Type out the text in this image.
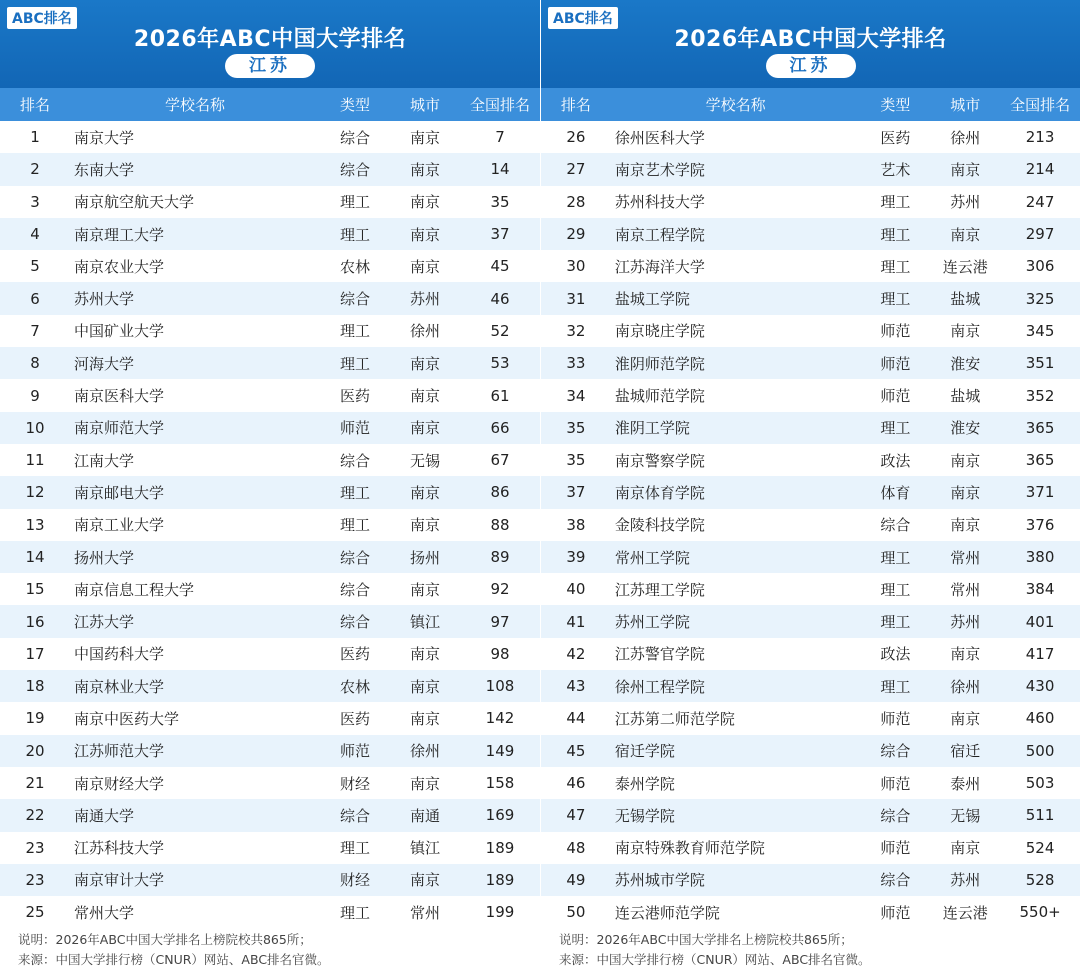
ABC排名
2026年ABC中国大学排名
江苏
排名	学校名称	类型	城市	全国排名
1	南京大学	综合	南京	7
2	东南大学	综合	南京	14
3	南京航空航天大学	理工	南京	35
4	南京理工大学	理工	南京	37
5	南京农业大学	农林	南京	45
6	苏州大学	综合	苏州	46
7	中国矿业大学	理工	徐州	52
8	河海大学	理工	南京	53
9	南京医科大学	医药	南京	61
10	南京师范大学	师范	南京	66
11	江南大学	综合	无锡	67
12	南京邮电大学	理工	南京	86
13	南京工业大学	理工	南京	88
14	扬州大学	综合	扬州	89
15	南京信息工程大学	综合	南京	92
16	江苏大学	综合	镇江	97
17	中国药科大学	医药	南京	98
18	南京林业大学	农林	南京	108
19	南京中医药大学	医药	南京	142
20	江苏师范大学	师范	徐州	149
21	南京财经大学	财经	南京	158
22	南通大学	综合	南通	169
23	江苏科技大学	理工	镇江	189
23	南京审计大学	财经	南京	189
25	常州大学	理工	常州	199
说明：2026年ABC中国大学排名上榜院校共865所；
来源：中国大学排行榜（CNUR）网站、ABC排名官微。
ABC排名
2026年ABC中国大学排名
江苏
排名	学校名称	类型	城市	全国排名
26	徐州医科大学	医药	徐州	213
27	南京艺术学院	艺术	南京	214
28	苏州科技大学	理工	苏州	247
29	南京工程学院	理工	南京	297
30	江苏海洋大学	理工	连云港	306
31	盐城工学院	理工	盐城	325
32	南京晓庄学院	师范	南京	345
33	淮阴师范学院	师范	淮安	351
34	盐城师范学院	师范	盐城	352
35	淮阴工学院	理工	淮安	365
35	南京警察学院	政法	南京	365
37	南京体育学院	体育	南京	371
38	金陵科技学院	综合	南京	376
39	常州工学院	理工	常州	380
40	江苏理工学院	理工	常州	384
41	苏州工学院	理工	苏州	401
42	江苏警官学院	政法	南京	417
43	徐州工程学院	理工	徐州	430
44	江苏第二师范学院	师范	南京	460
45	宿迁学院	综合	宿迁	500
46	泰州学院	师范	泰州	503
47	无锡学院	综合	无锡	511
48	南京特殊教育师范学院	师范	南京	524
49	苏州城市学院	综合	苏州	528
50	连云港师范学院	师范	连云港	550+
说明：2026年ABC中国大学排名上榜院校共865所；
来源：中国大学排行榜（CNUR）网站、ABC排名官微。
